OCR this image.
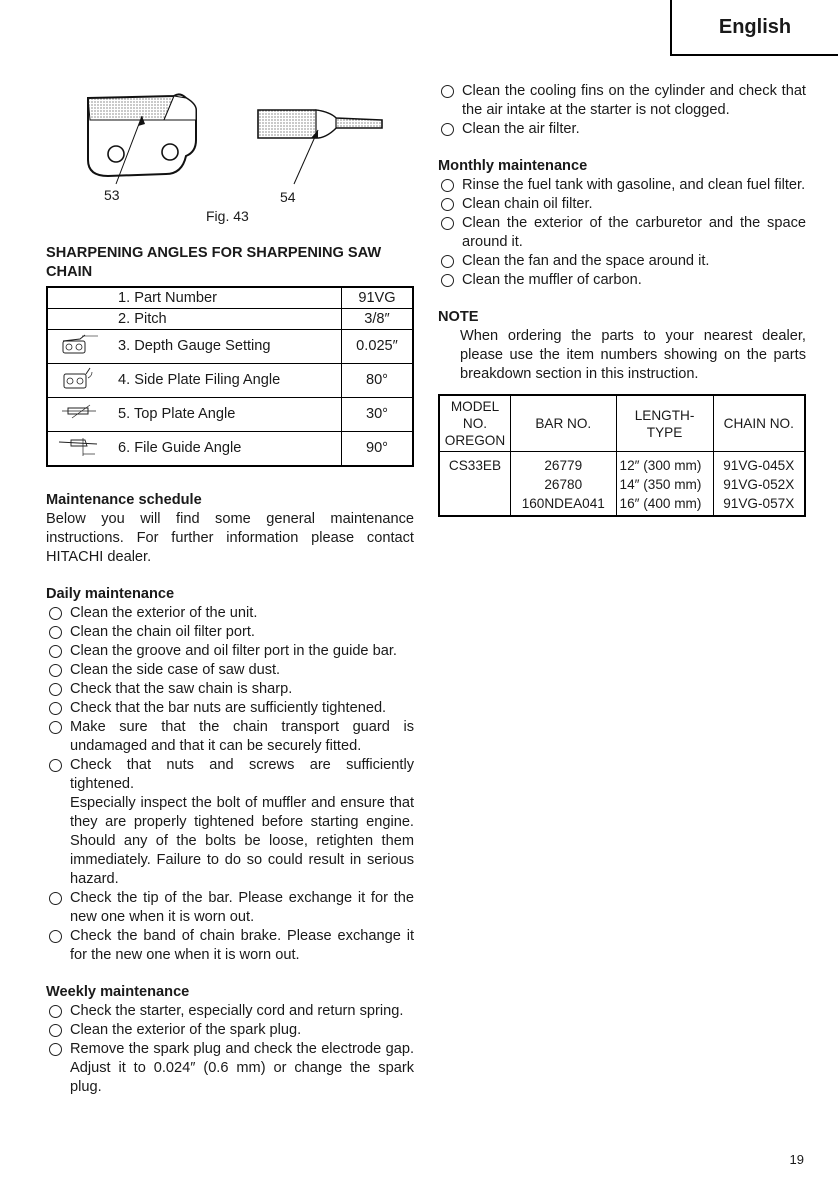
English
53	54
Fig. 43
SHARPENING ANGLES FOR SHARPENING SAW CHAIN
	1. Part Number	91VG
	2. Pitch	3/8″
	3. Depth Gauge Setting	0.025″
	4. Side Plate Filing Angle	80°
	5. Top Plate Angle	30°
	6. File Guide Angle	90°
Maintenance schedule

Below you will find some general maintenance instructions. For further information please contact HITACHI dealer.

Daily maintenance
Clean the exterior of the unit.
Clean the chain oil filter port.
Clean the groove and oil filter port in the guide bar.
Clean the side case of saw dust.
Check that the saw chain is sharp.
Check that the bar nuts are sufficiently tightened.
Make sure that the chain transport guard is undamaged and that it can be securely fitted.
Check that nuts and screws are sufficiently tightened.

Especially inspect the bolt of muffler and ensure that they are properly tightened before starting engine. Should any of the bolts be loose, retighten them immediately. Failure to do so could result in serious hazard.

Check the tip of the bar. Please exchange it for the new one when it is worn out.
Check the band of chain brake. Please exchange it for the new one when it is worn out.
Weekly maintenance
Check the starter, especially cord and return spring.
Clean the exterior of the spark plug.
Remove the spark plug and check the electrode gap. Adjust it to 0.024″ (0.6 mm) or change the spark plug.
Clean the cooling fins on the cylinder and check that the air intake at the starter is not clogged.
Clean the air filter.
Monthly maintenance
Rinse the fuel tank with gasoline, and clean fuel filter.
Clean chain oil filter.
Clean the exterior of the carburetor and the space around it.
Clean the fan and the space around it.
Clean the muffler of carbon.
NOTE

When ordering the parts to your nearest dealer, please use the item numbers showing on the parts breakdown section in this instruction.

MODEL NO. OREGON	BAR NO.	LENGTH-TYPE	CHAIN NO.
CS33EB	26779	12″ (300 mm)	91VG-045X
	26780	14″ (350 mm)	91VG-052X
	160NDEA041	16″ (400 mm)	91VG-057X
19
